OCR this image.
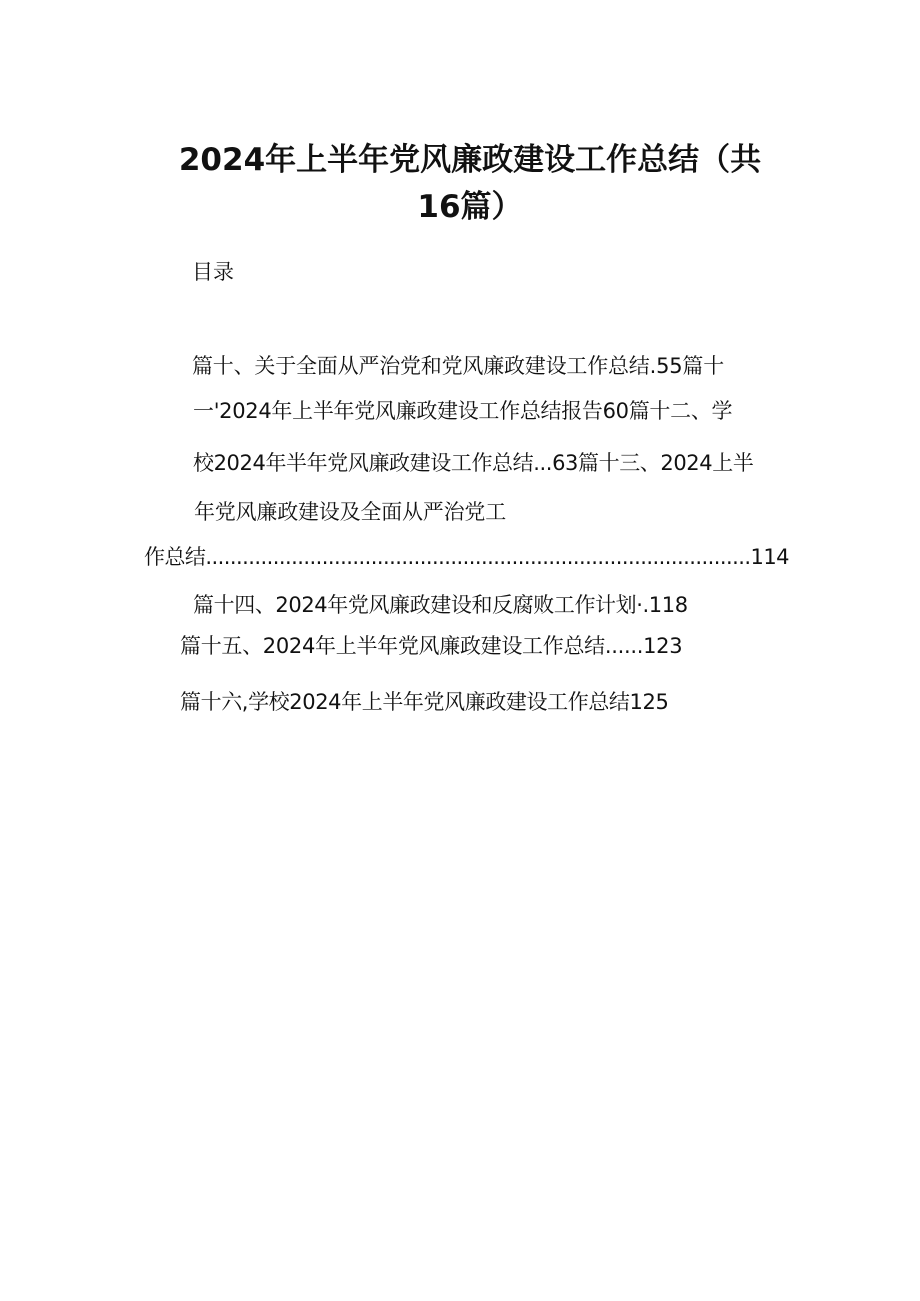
2024年上半年党风廉政建设工作总结（共
16篇）
目录
篇十、关于全面从严治党和党风廉政建设工作总结.55篇十
一'2024年上半年党风廉政建设工作总结报告60篇十二、学
校2024年半年党风廉政建设工作总结...63篇十三、2024上半
年党风廉政建设及全面从严治党工
作总结.........................................................................................114
篇十四、2024年党风廉政建设和反腐败工作计划·.118
篇十五、2024年上半年党风廉政建设工作总结......123
篇十六,学校2024年上半年党风廉政建设工作总结125
